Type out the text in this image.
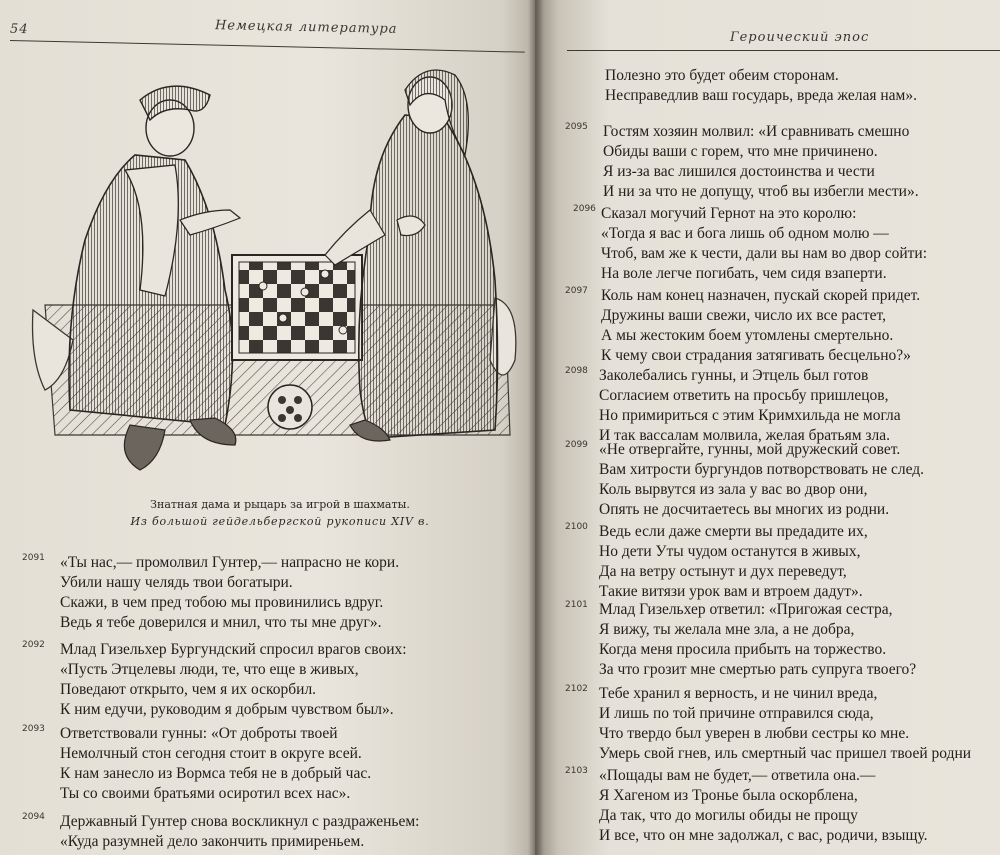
54	Немецкая литература
Знатная дама и рыцарь за игрой в шахматы.
Из большой гейдельбергской рукописи XIV в.
2091 «Ты нас,— промолвил Гунтер,— напрасно не кори.
Убили нашу челядь твои богатыри.
Скажи, в чем пред тобою мы провинились вдруг.
Ведь я тебе доверился и мнил, что ты мне друг».
2092 Млад Гизельхер Бургундский спросил врагов своих:
«Пусть Этцелевы люди, те, что еще в живых,
Поведают открыто, чем я их оскорбил.
К ним едучи, руководим я добрым чувством был».
2093 Ответствовали гунны: «От доброты твоей
Немолчный стон сегодня стоит в округе всей.
К нам занесло из Вормса тебя не в добрый час.
Ты со своими братьями осиротил всех нас».
2094 Державный Гунтер снова воскликнул с раздраженьем:
«Куда разумней дело закончить примиреньем.
Героический эпос
Полезно это будет обеим сторонам.
Несправедлив ваш государь, вреда желая нам».
2095 Гостям хозяин молвил: «И сравнивать смешно
Обиды ваши с горем, что мне причинено.
Я из-за вас лишился достоинства и чести
И ни за что не допущу, чтоб вы избегли мести».
2096 Сказал могучий Гернот на это королю:
«Тогда я вас и бога лишь об одном молю —
Чтоб, вам же к чести, дали вы нам во двор сойти:
На воле легче погибать, чем сидя взаперти.
2097 Коль нам конец назначен, пускай скорей придет.
Дружины ваши свежи, число их все растет,
А мы жестоким боем утомлены смертельно.
К чему свои страдания затягивать бесцельно?»
2098 Заколебались гунны, и Этцель был готов
Согласием ответить на просьбу пришлецов,
Но примириться с этим Кримхильда не могла
И так вассалам молвила, желая братьям зла.
2099 «Не отвергайте, гунны, мой дружеский совет.
Вам хитрости бургундов потворствовать не след.
Коль вырвутся из зала у вас во двор они,
Опять не досчитаетесь вы многих из родни.
2100 Ведь если даже смерти вы предадите их,
Но дети Уты чудом останутся в живых,
Да на ветру остынут и дух переведут,
Такие витязи урок вам и втроем дадут».
2101 Млад Гизельхер ответил: «Пригожая сестра,
Я вижу, ты желала мне зла, а не добра,
Когда меня просила прибыть на торжество.
За что грозит мне смертью рать супруга твоего?
2102 Тебе хранил я верность, и не чинил вреда,
И лишь по той причине отправился сюда,
Что твердо был уверен в любви сестры ко мне.
Умерь свой гнев, иль смертный час пришел твоей родни
2103 «Пощады вам не будет,— ответила она.—
Я Хагеном из Тронье была оскорблена,
Да так, что до могилы обиды не прощу
И все, что он мне задолжал, с вас, родичи, взыщу.
